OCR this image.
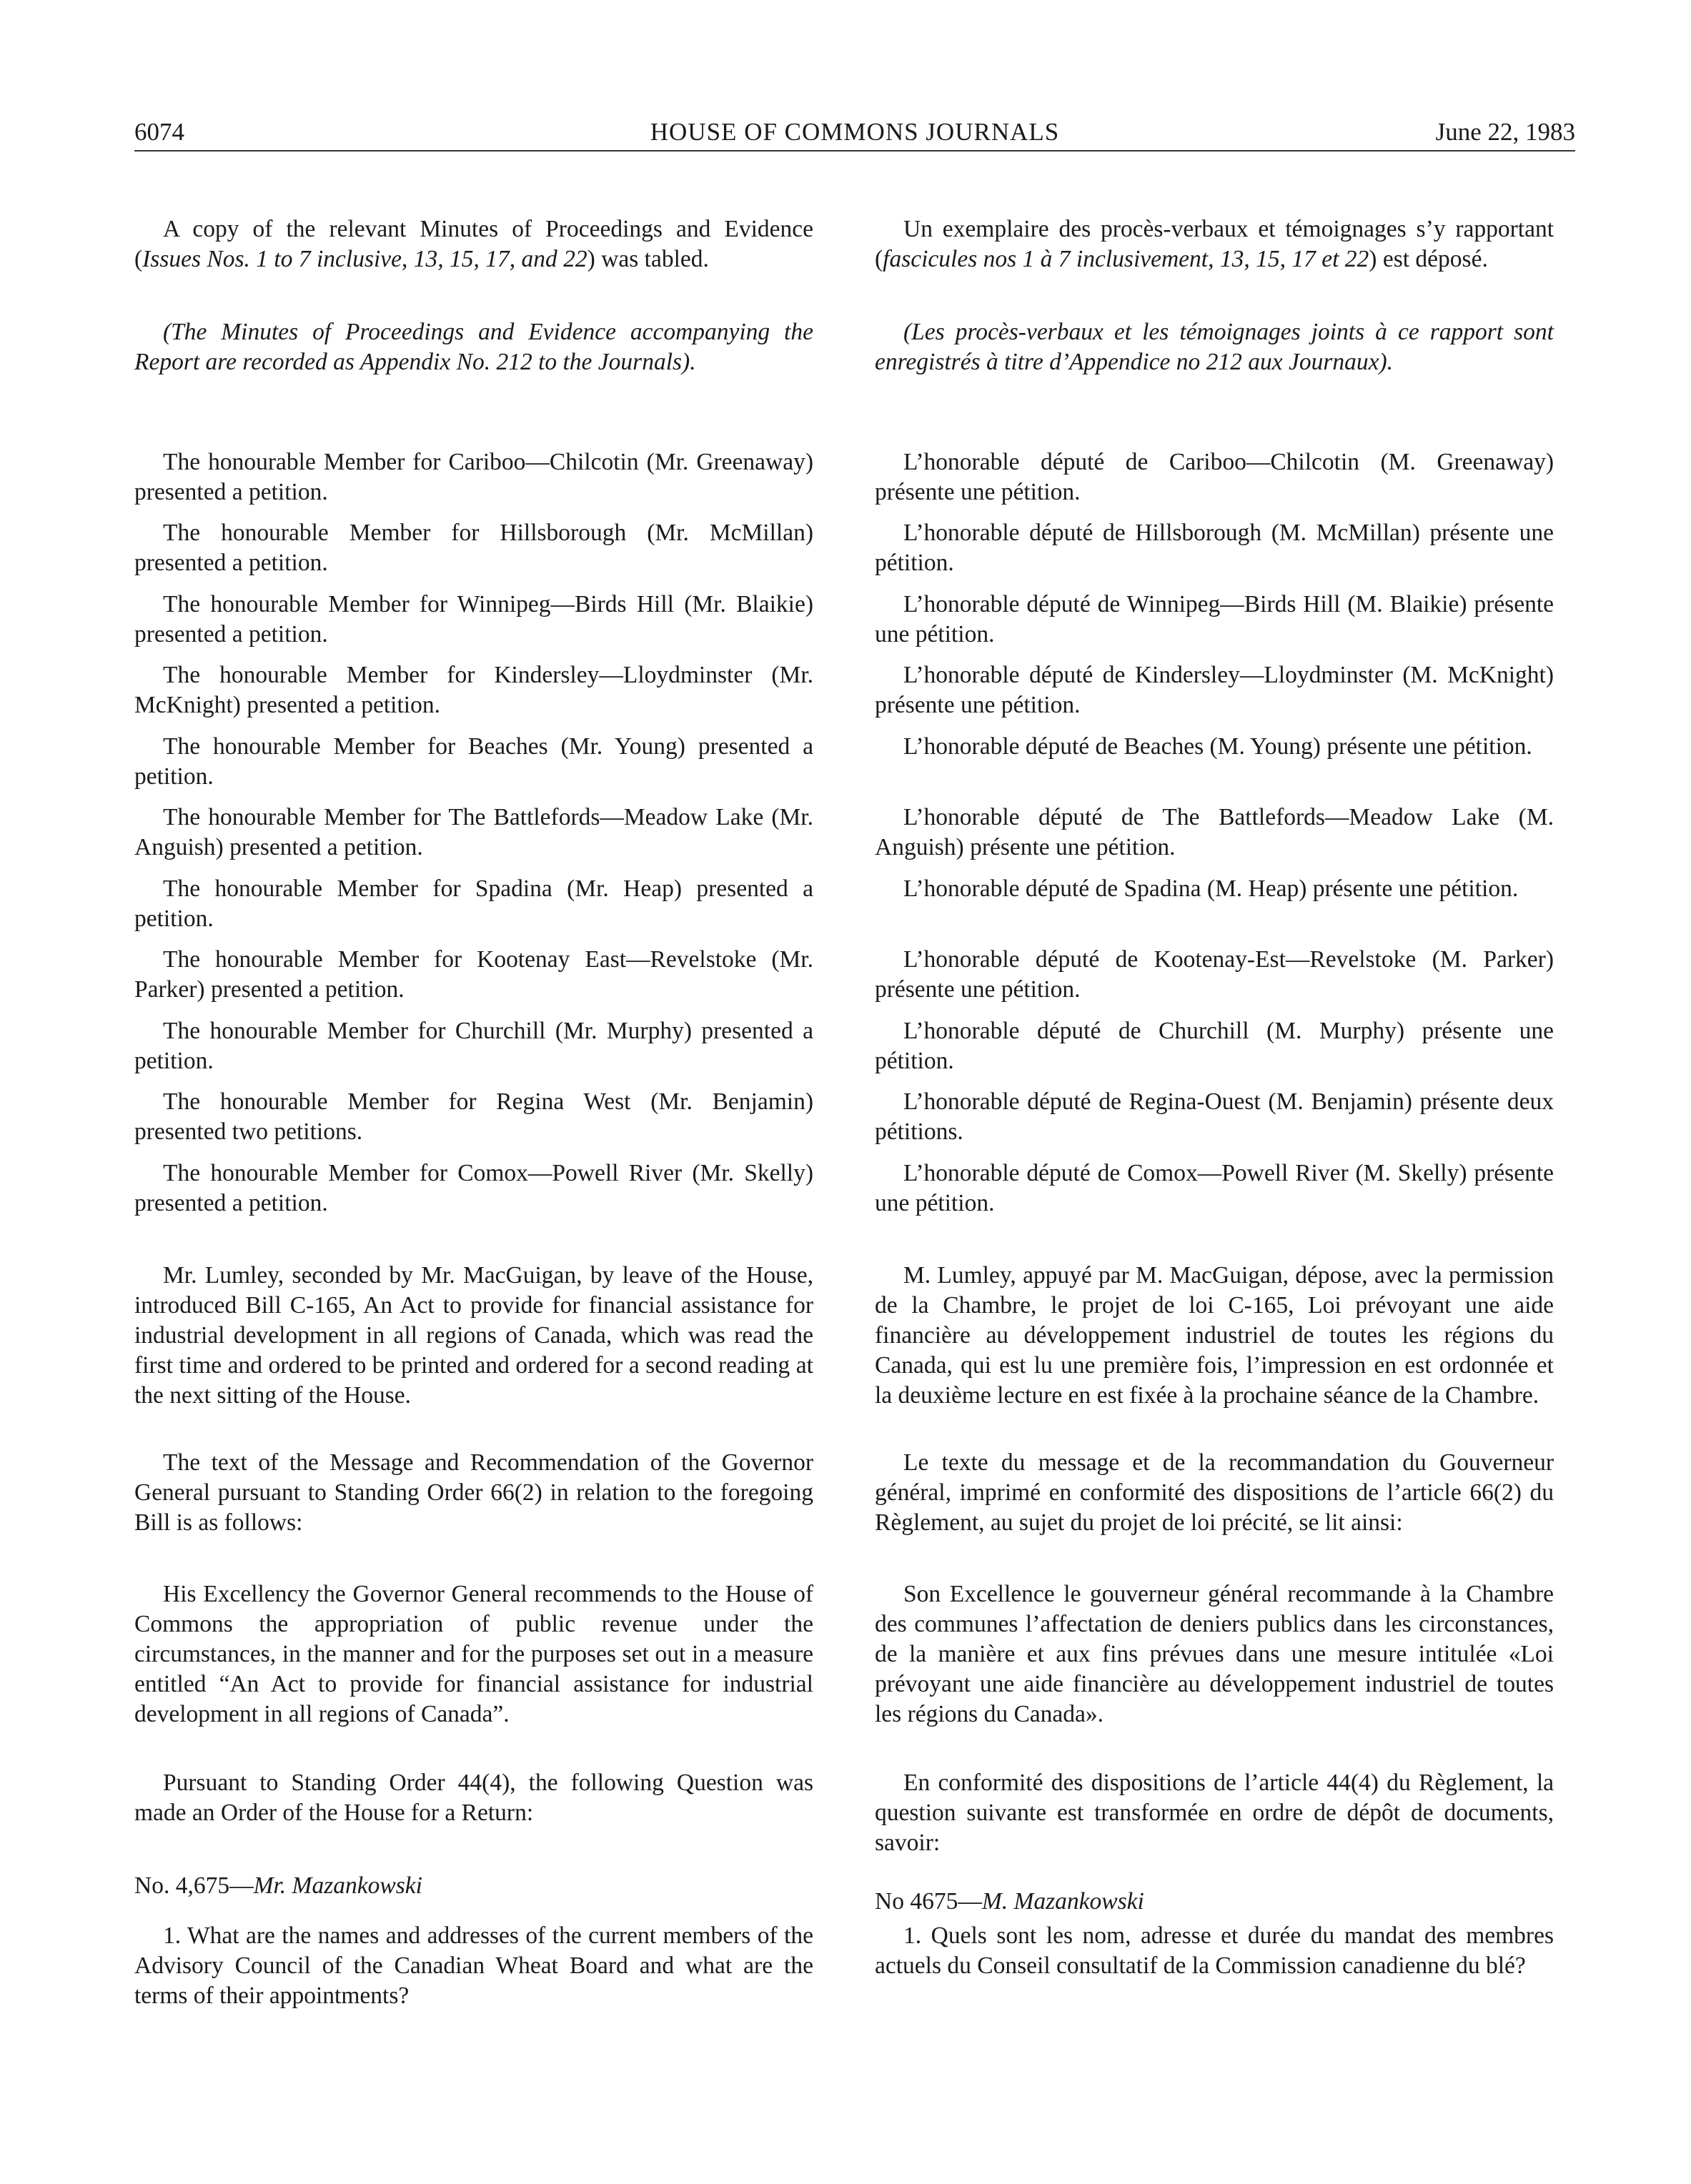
6074	HOUSE OF COMMONS JOURNALS	June 22, 1983

A copy of the relevant Minutes of Proceedings and Evidence (Issues Nos. 1 to 7 inclusive, 13, 15, 17, and 22) was tabled.

(The Minutes of Proceedings and Evidence accompanying the Report are recorded as Appendix No. 212 to the Journals).

The honourable Member for Cariboo—Chilcotin (Mr. Greenaway) presented a petition.

The honourable Member for Hillsborough (Mr. McMillan) presented a petition.

The honourable Member for Winnipeg—Birds Hill (Mr. Blaikie) presented a petition.

The honourable Member for Kindersley—Lloydminster (Mr. McKnight) presented a petition.

The honourable Member for Beaches (Mr. Young) presented a petition.

The honourable Member for The Battlefords—Meadow Lake (Mr. Anguish) presented a petition.

The honourable Member for Spadina (Mr. Heap) presented a petition.

The honourable Member for Kootenay East—Revelstoke (Mr. Parker) presented a petition.

The honourable Member for Churchill (Mr. Murphy) presented a petition.

The honourable Member for Regina West (Mr. Benjamin) presented two petitions.

The honourable Member for Comox—Powell River (Mr. Skelly) presented a petition.

Mr. Lumley, seconded by Mr. MacGuigan, by leave of the House, introduced Bill C-165, An Act to provide for financial assistance for industrial development in all regions of Canada, which was read the first time and ordered to be printed and ordered for a second reading at the next sitting of the House.

The text of the Message and Recommendation of the Governor General pursuant to Standing Order 66(2) in relation to the foregoing Bill is as follows:

His Excellency the Governor General recommends to the House of Commons the appropriation of public revenue under the circumstances, in the manner and for the purposes set out in a measure entitled “An Act to provide for financial assistance for industrial development in all regions of Canada”.

Pursuant to Standing Order 44(4), the following Question was made an Order of the House for a Return:

No. 4,675—Mr. Mazankowski

1. What are the names and addresses of the current members of the Advisory Council of the Canadian Wheat Board and what are the terms of their appointments?

Un exemplaire des procès-verbaux et témoignages s’y rapportant (fascicules nos 1 à 7 inclusivement, 13, 15, 17 et 22) est déposé.

(Les procès-verbaux et les témoignages joints à ce rapport sont enregistrés à titre d’Appendice no 212 aux Journaux).

L’honorable député de Cariboo—Chilcotin (M. Greenaway) présente une pétition.

L’honorable député de Hillsborough (M. McMillan) présente une pétition.

L’honorable député de Winnipeg—Birds Hill (M. Blaikie) présente une pétition.

L’honorable député de Kindersley—Lloydminster (M. McKnight) présente une pétition.

L’honorable député de Beaches (M. Young) présente une pétition.

L’honorable député de The Battlefords—Meadow Lake (M. Anguish) présente une pétition.

L’honorable député de Spadina (M. Heap) présente une pétition.

L’honorable député de Kootenay-Est—Revelstoke (M. Parker) présente une pétition.

L’honorable député de Churchill (M. Murphy) présente une pétition.

L’honorable député de Regina-Ouest (M. Benjamin) présente deux pétitions.

L’honorable député de Comox—Powell River (M. Skelly) présente une pétition.

M. Lumley, appuyé par M. MacGuigan, dépose, avec la permission de la Chambre, le projet de loi C-165, Loi prévoyant une aide financière au développement industriel de toutes les régions du Canada, qui est lu une première fois, l’impression en est ordonnée et la deuxième lecture en est fixée à la prochaine séance de la Chambre.

Le texte du message et de la recommandation du Gouverneur général, imprimé en conformité des dispositions de l’article 66(2) du Règlement, au sujet du projet de loi précité, se lit ainsi:

Son Excellence le gouverneur général recommande à la Chambre des communes l’affectation de deniers publics dans les circonstances, de la manière et aux fins prévues dans une mesure intitulée «Loi prévoyant une aide financière au développement industriel de toutes les régions du Canada».

En conformité des dispositions de l’article 44(4) du Règlement, la question suivante est transformée en ordre de dépôt de documents, savoir:

No 4675—M. Mazankowski

1. Quels sont les nom, adresse et durée du mandat des membres actuels du Conseil consultatif de la Commission canadienne du blé?
